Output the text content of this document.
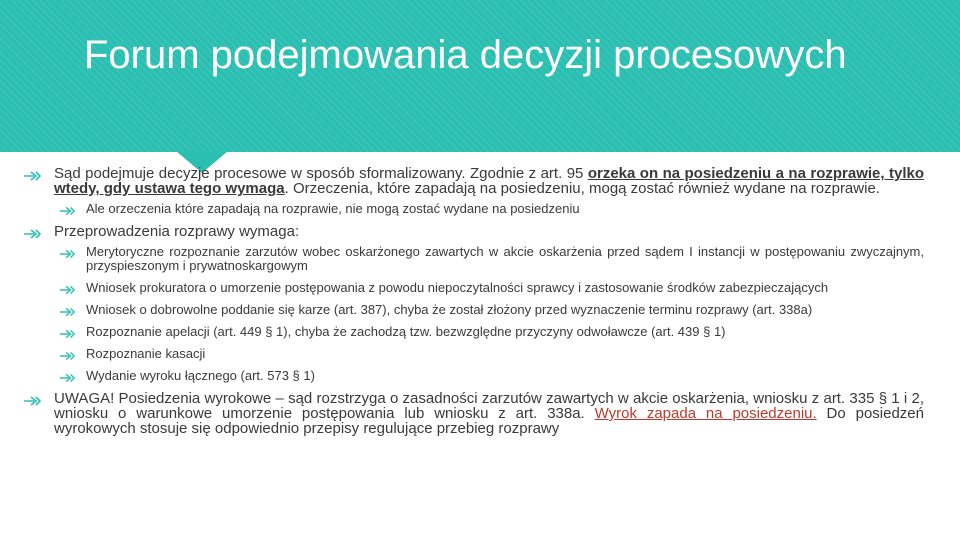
Forum podejmowania decyzji procesowych
Sąd podejmuje decyzje procesowe w sposób sformalizowany. Zgodnie z art. 95 orzeka on na posiedzeniu a na rozprawie, tylko wtedy, gdy ustawa tego wymaga. Orzeczenia, które zapadają na posiedzeniu, mogą zostać również wydane na rozprawie.
Ale orzeczenia które zapadają na rozprawie, nie mogą zostać wydane na posiedzeniu
Przeprowadzenia rozprawy wymaga:
Merytoryczne rozpoznanie zarzutów wobec oskarżonego zawartych w akcie oskarżenia przed sądem I instancji w postępowaniu zwyczajnym, przyspieszonym i prywatnoskargowym
Wniosek prokuratora o umorzenie postępowania z powodu niepoczytalności sprawcy i zastosowanie środków zabezpieczających
Wniosek o dobrowolne poddanie się karze (art. 387), chyba że został złożony przed wyznaczenie terminu rozprawy (art. 338a)
Rozpoznanie apelacji (art. 449 § 1), chyba że zachodzą tzw. bezwzględne przyczyny odwoławcze (art. 439 § 1)
Rozpoznanie kasacji
Wydanie wyroku łącznego (art. 573 § 1)
UWAGA! Posiedzenia wyrokowe – sąd rozstrzyga o zasadności zarzutów zawartych w akcie oskarżenia, wniosku z art. 335 § 1 i 2, wniosku o warunkowe umorzenie postępowania lub wniosku z art. 338a. Wyrok zapada na posiedzeniu. Do posiedzeń wyrokowych stosuje się odpowiednio przepisy regulujące przebieg rozprawy
